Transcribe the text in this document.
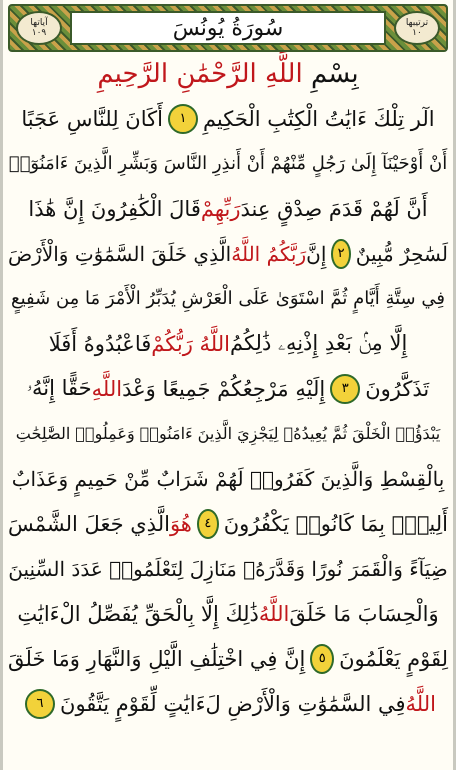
آياتها
١٠٩	سُورَةُ يُونُسَ	ترتيبها
١٠
بِسْمِ

اللَّهِ الرَّحْمَٰنِ الرَّحِيمِ
الٓر تِلْكَ ءَايَٰتُ الْكِتَٰبِ الْحَكِيمِ
١
أَكَانَ لِلنَّاسِ عَجَبًا
أَنْ أَوْحَيْنَآ إِلَىٰ رَجُلٍ مِّنْهُمْ أَنْ أَنذِرِ النَّاسَ وَبَشِّرِ الَّذِينَ ءَامَنُوٓا۟
أَنَّ لَهُمْ قَدَمَ صِدْقٍ عِندَ
رَبِّهِمْ
قَالَ الْكَٰفِرُونَ إِنَّ هَٰذَا
لَسَٰحِرٌ مُّبِينٌ
٢
إِنَّ
رَبَّكُمُ اللَّهُ
الَّذِي خَلَقَ السَّمَٰوَٰتِ وَالْأَرْضَ
فِي سِتَّةِ أَيَّامٍ ثُمَّ اسْتَوَىٰ عَلَى الْعَرْشِ يُدَبِّرُ الْأَمْرَ مَا مِن شَفِيعٍ
إِلَّا مِنۢ بَعْدِ إِذْنِهِۦ ذَٰلِكُمُ
اللَّهُ رَبُّكُمْ
فَاعْبُدُوهُ أَفَلَا
تَذَكَّرُونَ
٣
إِلَيْهِ مَرْجِعُكُمْ جَمِيعًا وَعْدَ
اللَّهِ
حَقًّا إِنَّهُۥ
يَبْدَؤُا۟ الْخَلْقَ ثُمَّ يُعِيدُهُۥ لِيَجْزِيَ الَّذِينَ ءَامَنُوا۟ وَعَمِلُوا۟ الصَّٰلِحَٰتِ
بِالْقِسْطِ وَالَّذِينَ كَفَرُوا۟ لَهُمْ شَرَابٌ مِّنْ حَمِيمٍ وَعَذَابٌ
أَلِيمٌۢ بِمَا كَانُوا۟ يَكْفُرُونَ
٤
هُوَ
الَّذِي جَعَلَ الشَّمْسَ
ضِيَآءً وَالْقَمَرَ نُورًا وَقَدَّرَهُۥ مَنَازِلَ لِتَعْلَمُوا۟ عَدَدَ السِّنِينَ
وَالْحِسَابَ مَا خَلَقَ
اللَّهُ
ذَٰلِكَ إِلَّا بِالْحَقِّ يُفَصِّلُ الْءَايَٰتِ
لِقَوْمٍ يَعْلَمُونَ
٥
إِنَّ فِي اخْتِلَٰفِ الَّيْلِ وَالنَّهَارِ وَمَا خَلَقَ
اللَّهُ
فِي السَّمَٰوَٰتِ وَالْأَرْضِ لَءَايَٰتٍ لِّقَوْمٍ يَتَّقُونَ
٦
